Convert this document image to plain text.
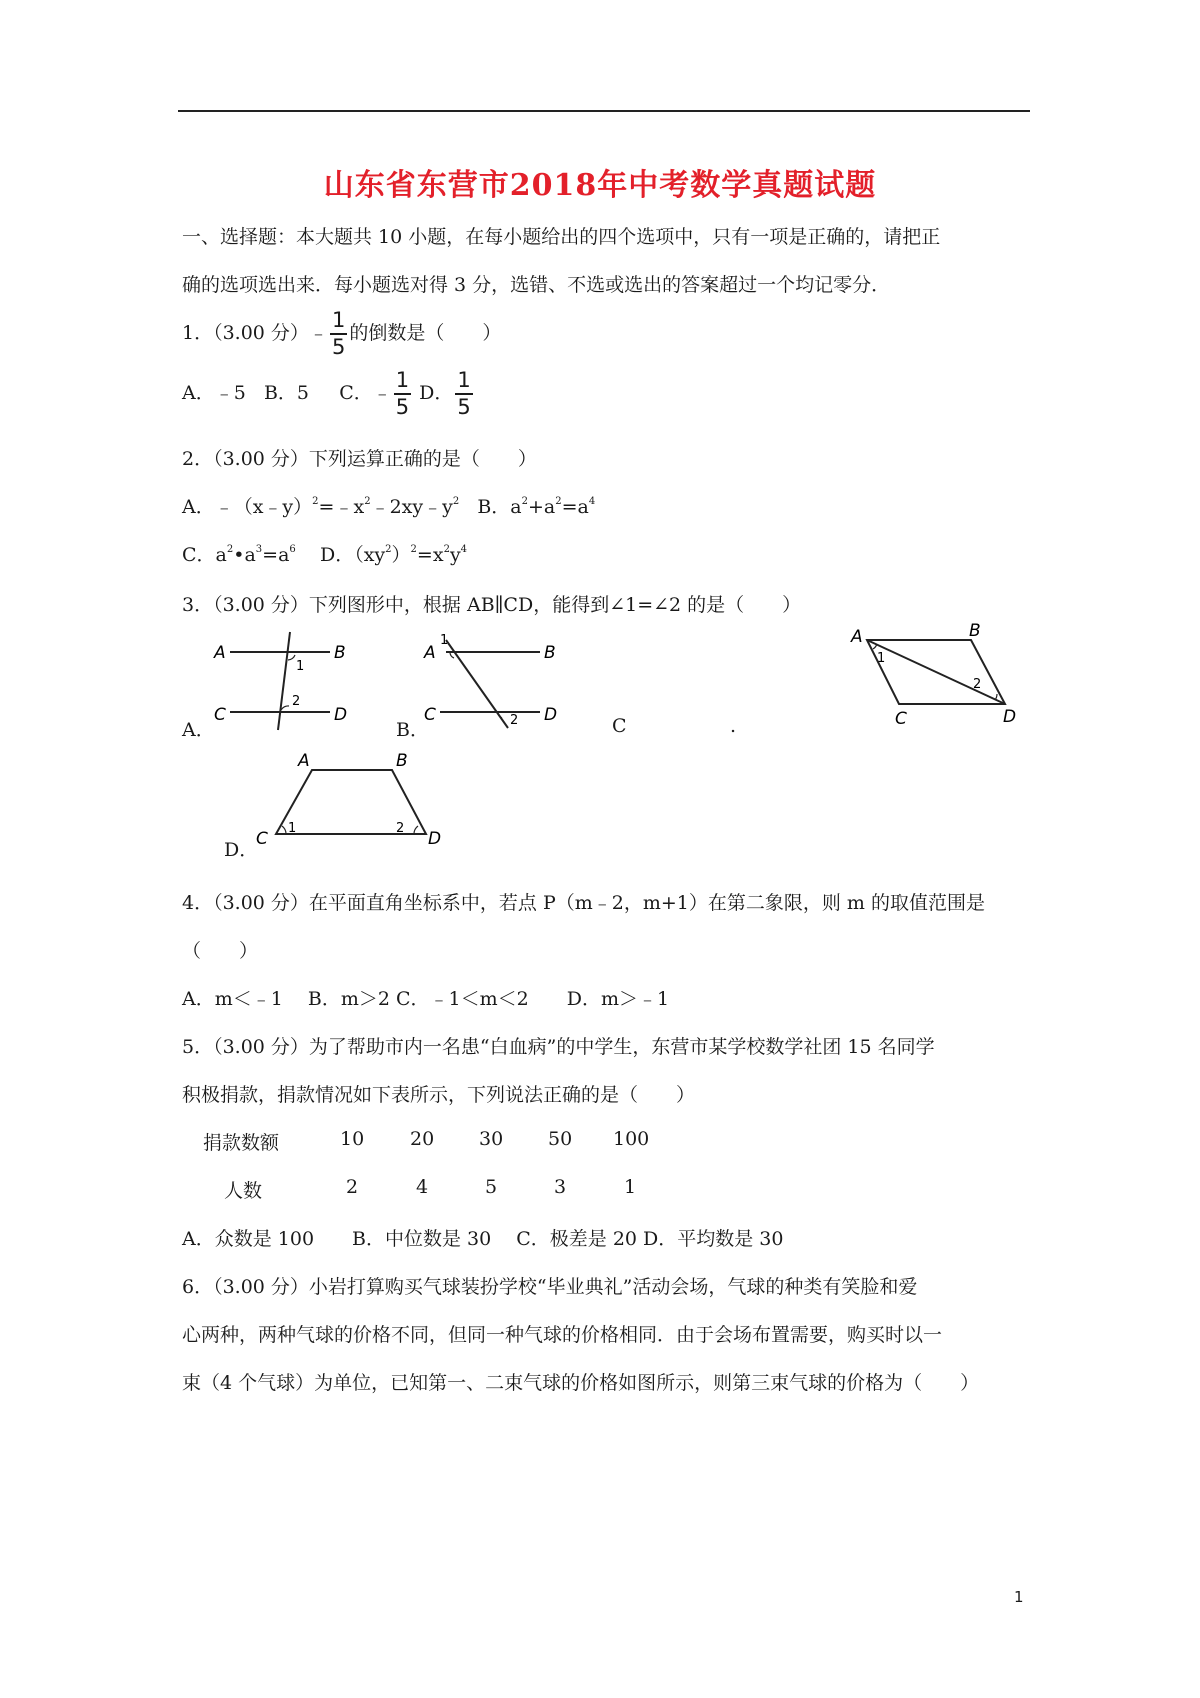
山东省东营市2018年中考数学真题试题
一、选择题：本大题共 10 小题，在每小题给出的四个选项中，只有一项是正确的，请把正
确的选项选出来．每小题选对得 3 分，选错、不选或选出的答案超过一个均记零分．
1．（3.00 分）﹣ $\frac{1}{5}$ 的倒数是（　　）
A．﹣5 B．5 C．﹣ $\frac{1}{5}$ D． $\frac{1}{5}$
2．（3.00 分）下列运算正确的是（　　）
A．$﹣(x﹣y)^2=﹣x^2﹣2xy﹣y^2$ B．$a^2+a^2=a^4$
C．$a^2•a^3=a^6$ D．$(xy^2)^2=x^2y^4$
3．（3.00 分）下列图形中，根据 AB∥CD，能得到∠1=∠2 的是（　　）
A．
A	B
C	D
1
2
B．
A
1
B
C	2 D	C	.
A
1
B
2
C	D
D．
A	B
C
1	2
D
4．（3.00 分）在平面直角坐标系中，若点 P（m﹣2，m+1）在第二象限，则 m 的取值范围是
（　　）
A．m＜﹣1　 B．m＞2 C．﹣1＜m＜2　　D．m＞﹣1
5．（3.00 分）为了帮助市内一名患“白血病”的中学生，东营市某学校数学社团 15 名同学
积极捐款，捐款情况如下表所示，下列说法正确的是（　　）
捐款数额	10 20 30 50 100
人数	2	4	5	3	1
A．众数是 100　　B．中位数是 30　 C．极差是 20 D．平均数是 30
6．（3.00 分）小岩打算购买气球装扮学校“毕业典礼”活动会场，气球的种类有笑脸和爱
心两种，两种气球的价格不同，但同一种气球的价格相同．由于会场布置需要，购买时以一
束（4 个气球）为单位，已知第一、二束气球的价格如图所示，则第三束气球的价格为（　　）
1
